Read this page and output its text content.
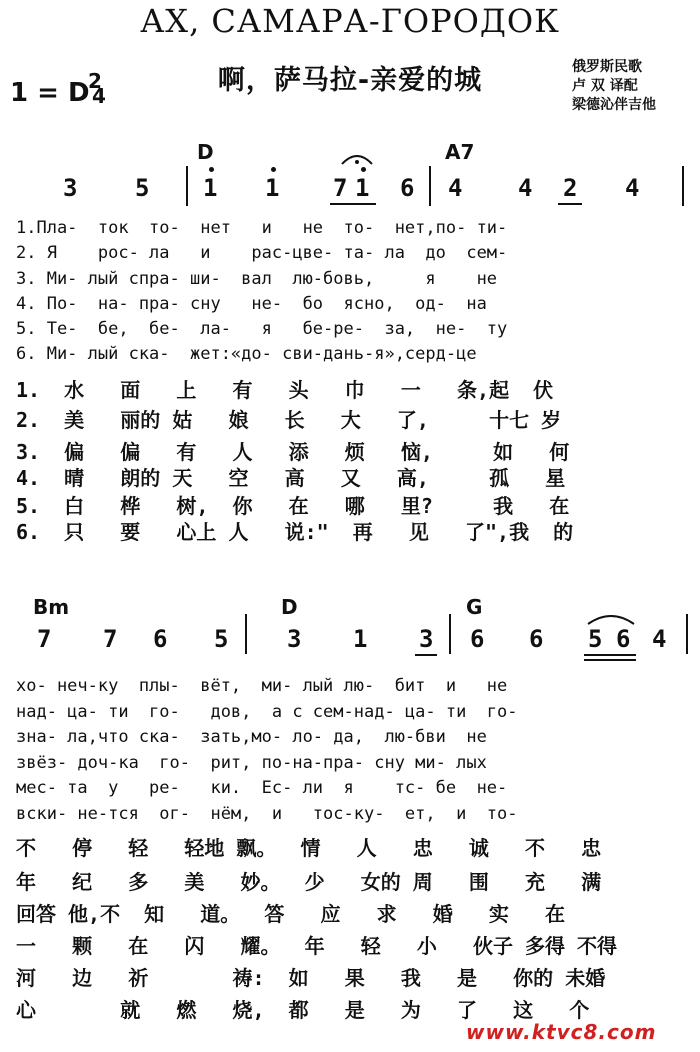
АХ, САМАРА-ГОРОДОК
啊，萨马拉-亲爱的城
1 = D
2
4
俄罗斯民歌
卢 双 译配
梁德沁伴吉他
D	A7
3 5 1 1 7 1 6 4 4 2 4
1.Пла-  ток  то-  нет   и   не  то-  нет,по- ти-
2. Я    рос- ла   и    рас-цве- та- ла  до  сем-
3. Ми- лый спра- ши-  вал  лю-бовь,     я    не
4. По-  на- пра- сну   не-  бо  ясно,  од-  на
5. Те-  бе,  бе-  ла-   я   бе-ре-  за,  не-  ту
6. Ми- лый ска-  жет:«до- сви-дань-я»,серд-це
1.  水   面   上   有   头   巾   一   条,起  伏
2.  美   丽的 姑   娘   长   大   了,     十七 岁
3.  偏   偏   有   人   添   烦   恼,     如   何
4.  晴   朗的 天   空   高   又   高,     孤   星
5.  白   桦   树,  你   在   哪   里?     我   在
6.  只   要   心上 人   说:"  再   见   了",我  的
Bm	D	G
7 7 6 5 3 1 3 6 6 5 6 4
хо- неч-ку  плы-  вёт,  ми- лый лю-  бит  и   не
над- ца- ти  го-   дов,  а с сем-над- ца- ти  го-
зна- ла,что ска-  зать,мо- ло- да,  лю-бви  не
звёз- доч-ка  го-  рит, по-на-пра- сну ми- лых
мес- та  у   ре-   ки.  Ес- ли  я    тс- бе  не-
вски- не-тся  ог-  нём,  и   тос-ку-  ет,  и  то-
不   停   轻   轻地 飘。  情   人   忠   诚   不   忠
年   纪   多   美   妙。  少   女的 周   围   充   满
回答 他,不  知   道。  答   应   求   婚   实   在
一   颗   在   闪   耀。  年   轻   小   伙子 多得 不得
河   边   祈       祷:  如   果   我   是   你的 未婚
心       就   燃   烧,  都   是   为   了   这   个
www.ktvc8.com
